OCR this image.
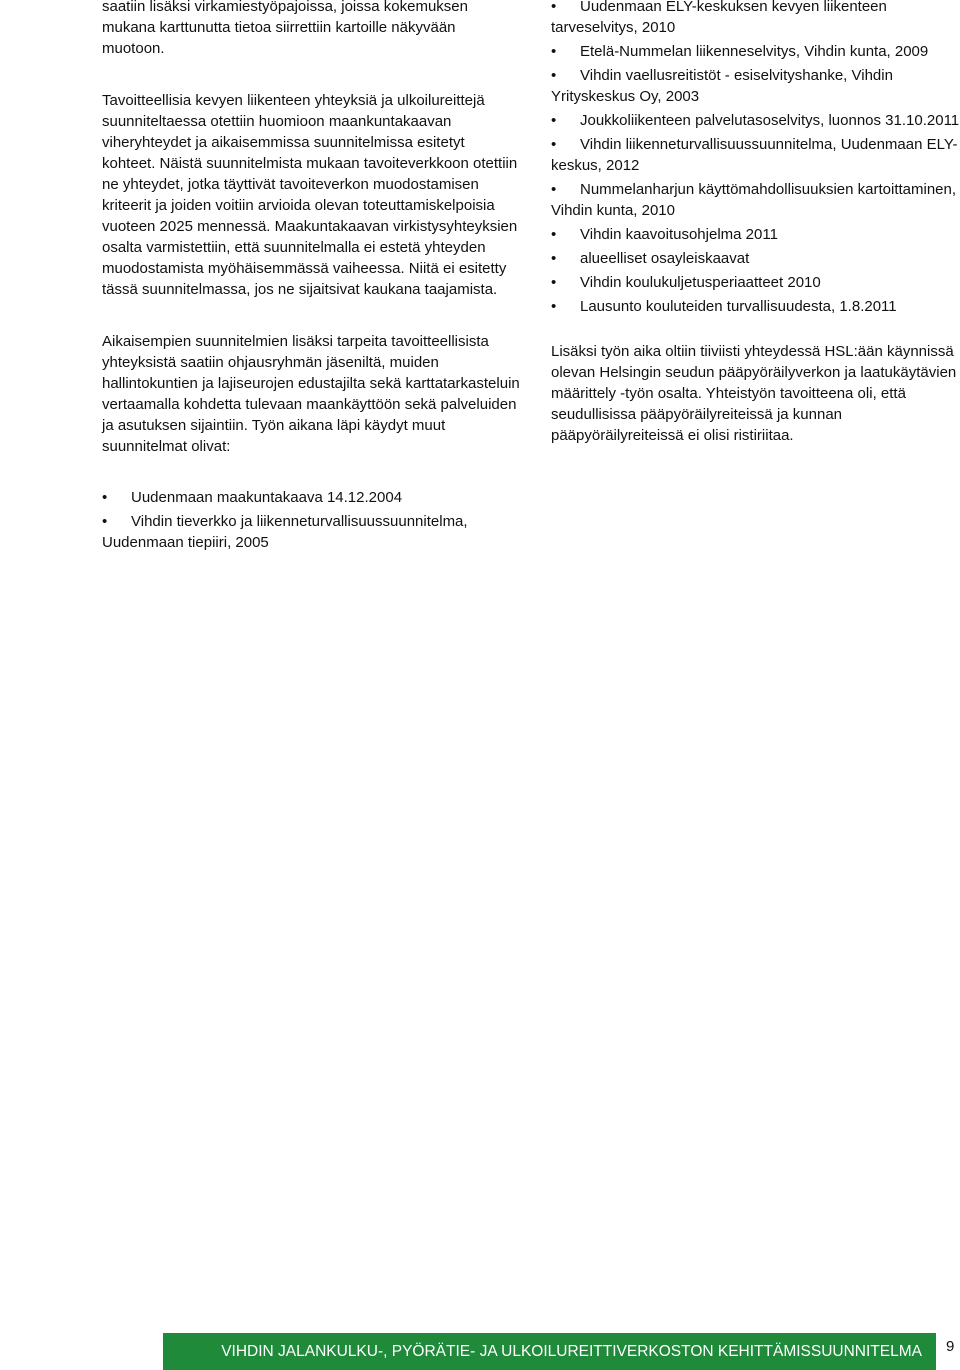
saatiin lisäksi virkamiestyöpajoissa, joissa kokemuksen mukana karttunutta tietoa siirrettiin kartoille näkyvään muotoon.
Tavoitteellisia kevyen liikenteen yhteyksiä ja ulkoilureittejä suunniteltaessa otettiin huomioon maankuntakaavan viheryhteydet ja aikaisemmissa suunnitelmissa esitetyt kohteet. Näistä suunnitelmista mukaan tavoiteverkkoon otettiin ne yhteydet, jotka täyttivät tavoiteverkon muodostamisen kriteerit ja joiden voitiin arvioida olevan toteuttamiskelpoisia vuoteen 2025 mennessä. Maakuntakaavan virkistysyhteyksien osalta varmistettiin, että suunnitelmalla ei estetä yhteyden muodostamista myöhäisemmässä vaiheessa. Niitä ei esitetty tässä suunnitelmassa, jos ne sijaitsivat kaukana taajamista.
Aikaisempien suunnitelmien lisäksi tarpeita tavoitteellisista yhteyksistä saatiin ohjausryhmän jäseniltä, muiden hallintokuntien ja lajiseurojen edustajilta sekä karttatarkasteluin vertaamalla kohdetta tulevaan maankäyttöön sekä palveluiden ja asutuksen sijaintiin. Työn aikana läpi käydyt muut suunnitelmat olivat:
•	Uudenmaan maakuntakaava 14.12.2004
•	Vihdin tieverkko ja liikenneturvallisuussuunnitelma, Uudenmaan tiepiiri, 2005
•	Uudenmaan ELY-keskuksen kevyen liikenteen tarveselvitys, 2010
•	Etelä-Nummelan liikenneselvitys, Vihdin kunta, 2009
•	Vihdin vaellusreitistöt - esiselvityshanke, Vihdin Yrityskeskus Oy, 2003
•	Joukkoliikenteen palvelutasoselvitys, luonnos 31.10.2011
•	Vihdin liikenneturvallisuussuunnitelma, Uudenmaan ELY-keskus, 2012
•	Nummelanharjun käyttömahdollisuuksien kartoittaminen, Vihdin kunta, 2010
•	Vihdin kaavoitusohjelma 2011
•	alueelliset osayleiskaavat
•	Vihdin koulukuljetusperiaatteet 2010
•	Lausunto kouluteiden turvallisuudesta, 1.8.2011
Lisäksi työn aika oltiin tiiviisti yhteydessä HSL:ään käynnissä olevan Helsingin seudun pääpyöräilyverkon ja laatukäytävien määrittely -työn osalta. Yhteistyön tavoitteena oli, että seudullisissa pääpyöräilyreiteissä ja kunnan pääpyöräilyreiteissä ei olisi ristiriitaa.
VIHDIN JALANKULKU-, PYÖRÄTIE- JA ULKOILUREITTIVERKOSTON KEHITTÄMISSUUNNITELMA 9
